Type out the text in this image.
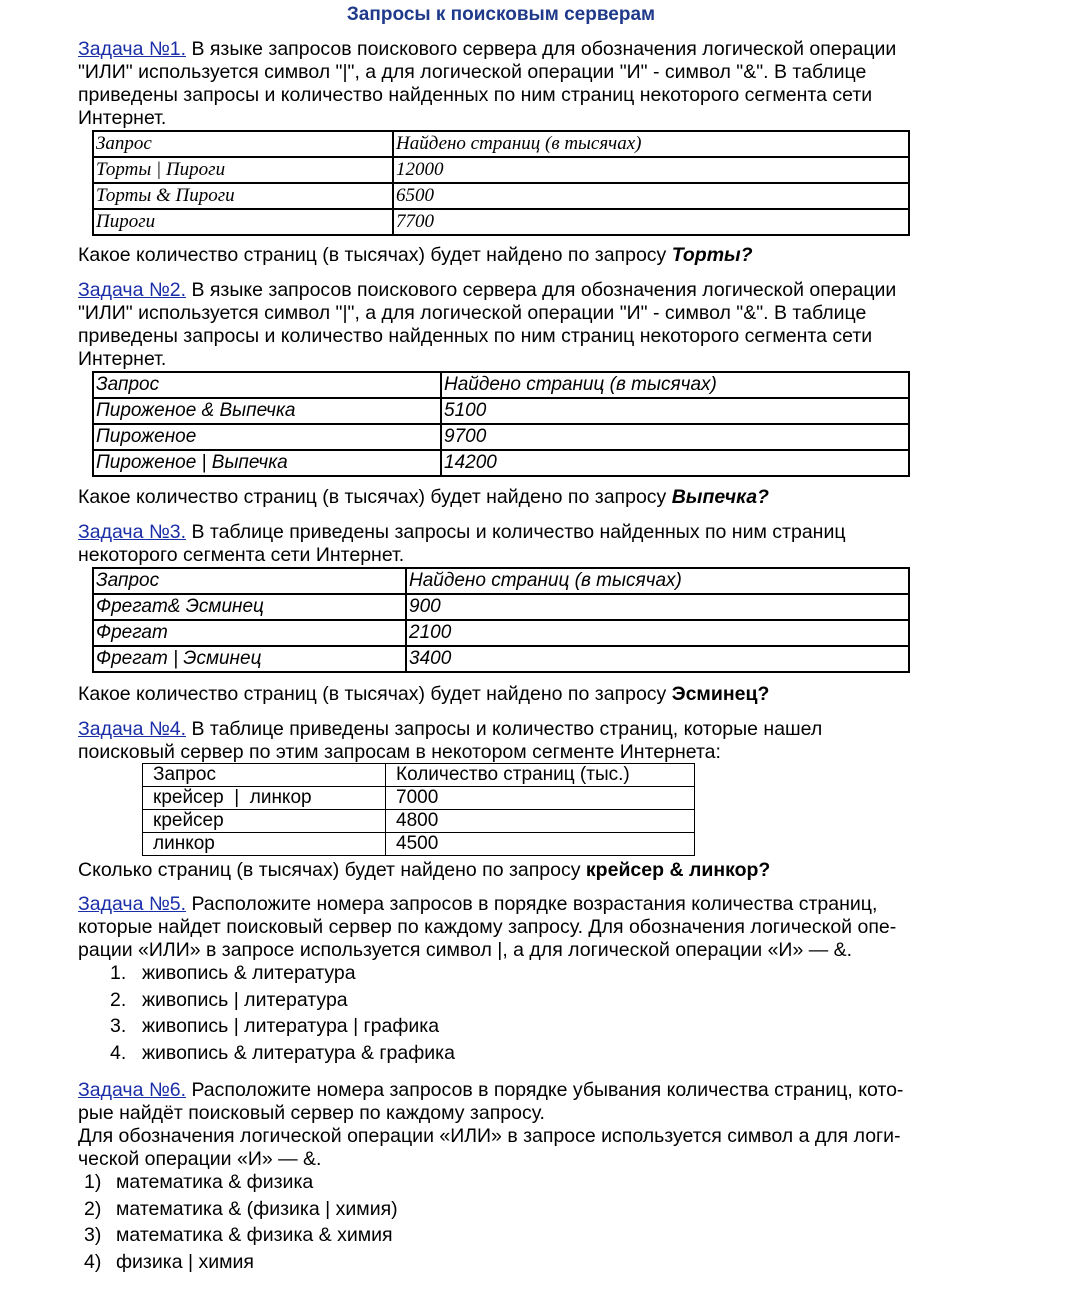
Запросы к поисковым серверам

Задача №1. В языке запросов поискового сервера для обозначения логической операции
"ИЛИ" используется символ "|", а для логической операции "И" - символ "&". В таблице
приведены запросы и количество найденных по ним страниц некоторого сегмента сети
Интернет.

Запрос	Найдено страниц (в тысячах)
Торты | Пироги	12000
Торты & Пироги	6500
Пироги	7700

Какое количество страниц (в тысячах) будет найдено по запросу Торты?

Задача №2. В языке запросов поискового сервера для обозначения логической операции
"ИЛИ" используется символ "|", а для логической операции "И" - символ "&". В таблице
приведены запросы и количество найденных по ним страниц некоторого сегмента сети
Интернет.

Запрос	Найдено страниц (в тысячах)
Пироженое & Выпечка	5100
Пироженое	9700
Пироженое | Выпечка	14200

Какое количество страниц (в тысячах) будет найдено по запросу Выпечка?

Задача №3. В таблице приведены запросы и количество найденных по ним страниц
некоторого сегмента сети Интернет.

Запрос	Найдено страниц (в тысячах)
Фрегат& Эсминец	900
Фрегат	2100
Фрегат | Эсминец	3400

Какое количество страниц (в тысячах) будет найдено по запросу Эсминец?

Задача №4. В таблице приведены запросы и количество страниц, которые нашел
поисковый сервер по этим запросам в некотором сегменте Интернета:

Запрос	Количество страниц (тыс.)
крейсер  |  линкор	7000
крейсер	4800
линкор	4500

Сколько страниц (в тысячах) будет найдено по запросу крейсер & линкор?

Задача №5. Расположите номера запросов в порядке возрастания количества страниц,
которые найдет поисковый сервер по каждому запросу. Для обозначения логической опе-
рации «ИЛИ» в запросе используется символ |, а для логической операции «И» — &.

1. живопись & литература
2. живопись | литература
3. живопись | литература | графика
4. живопись & литература & графика

Задача №6. Расположите номера запросов в порядке убывания количества страниц, кото-
рые найдёт поисковый сервер по каждому запросу.
Для обозначения логической операции «ИЛИ» в запросе используется символ а для логи-
ческой операции «И» — &.

1) математика & физика
2) математика & (физика | химия)
3) математика & физика & химия
4) физика | химия
